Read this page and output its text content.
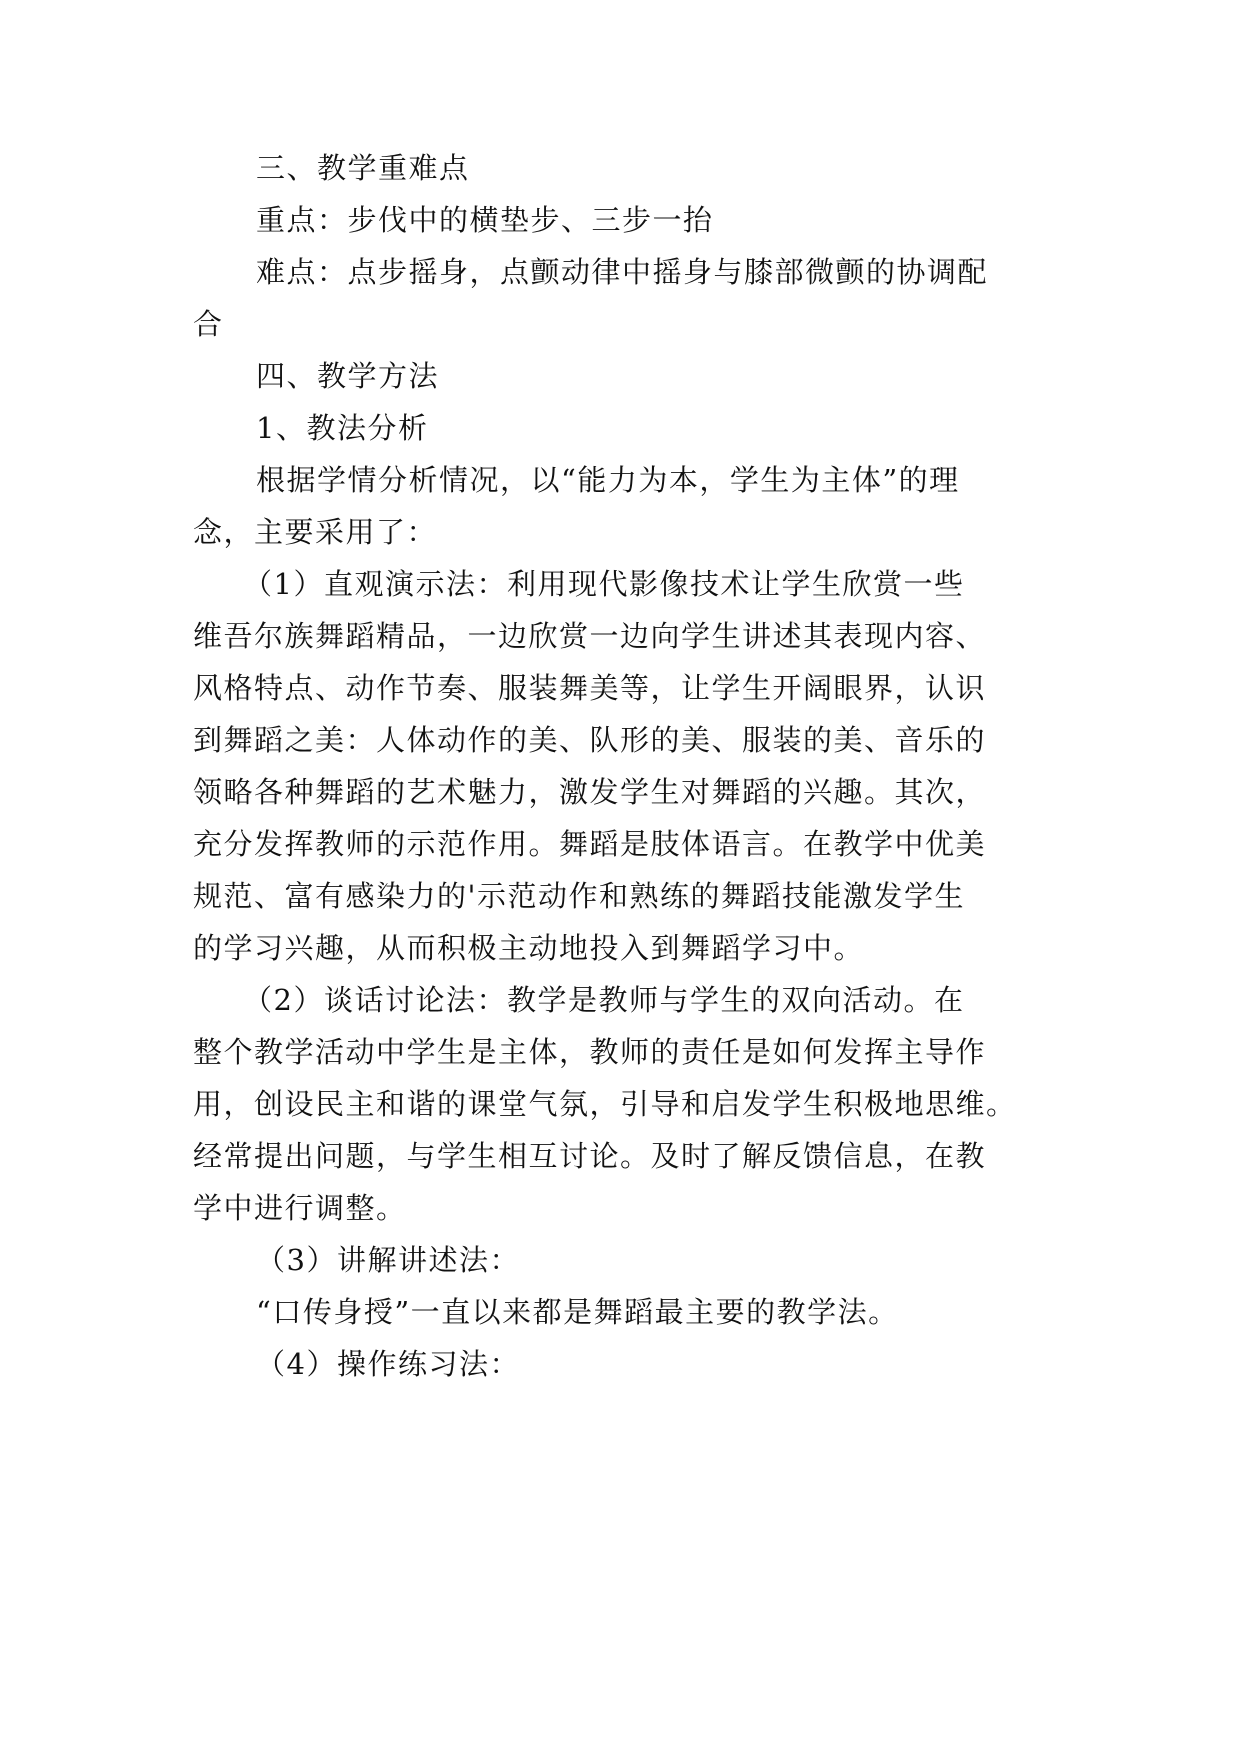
三、教学重难点
重点：步伐中的横垫步、三步一抬
难点：点步摇身，点颤动律中摇身与膝部微颤的协调配
合
四、教学方法
1、教法分析
根据学情分析情况，以“能力为本，学生为主体”的理
念，主要采用了：
（1）直观演示法：利用现代影像技术让学生欣赏一些
维吾尔族舞蹈精品，一边欣赏一边向学生讲述其表现内容、
风格特点、动作节奏、服装舞美等，让学生开阔眼界，认识
到舞蹈之美：人体动作的美、队形的美、服装的美、音乐的
领略各种舞蹈的艺术魅力，激发学生对舞蹈的兴趣。其次，
充分发挥教师的示范作用。舞蹈是肢体语言。在教学中优美
规范、富有感染力的'示范动作和熟练的舞蹈技能激发学生
的学习兴趣，从而积极主动地投入到舞蹈学习中。
（2）谈话讨论法：教学是教师与学生的双向活动。在
整个教学活动中学生是主体，教师的责任是如何发挥主导作
用，创设民主和谐的课堂气氛，引导和启发学生积极地思维。
经常提出问题，与学生相互讨论。及时了解反馈信息，在教
学中进行调整。
（3）讲解讲述法：
“口传身授”一直以来都是舞蹈最主要的教学法。
（4）操作练习法：
